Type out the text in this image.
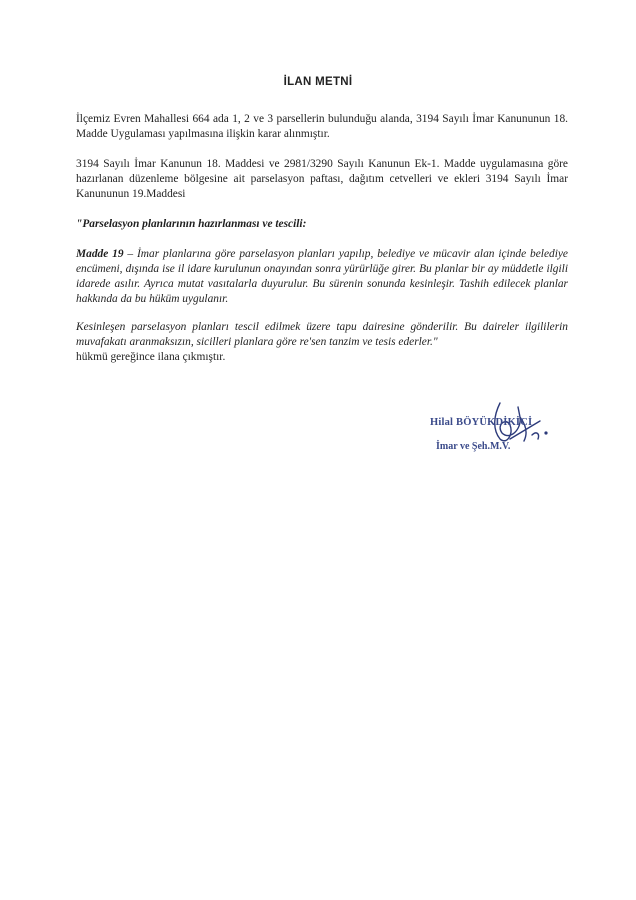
İLAN METNİ
İlçemiz Evren Mahallesi 664 ada 1, 2 ve 3 parsellerin bulunduğu alanda, 3194 Sayılı İmar Kanununun 18. Madde Uygulaması yapılmasına ilişkin karar alınmıştır.
3194 Sayılı İmar Kanunun 18. Maddesi ve 2981/3290 Sayılı Kanunun Ek-1. Madde uygulamasına göre hazırlanan düzenleme bölgesine ait parselasyon paftası, dağıtım cetvelleri ve ekleri 3194 Sayılı İmar Kanununun 19.Maddesi
"Parselasyon planlarının hazırlanması ve tescili:
Madde 19 – İmar planlarına göre parselasyon planları yapılıp, belediye ve mücavir alan içinde belediye encümeni, dışında ise il idare kurulunun onayından sonra yürürlüğe girer. Bu planlar bir ay müddetle ilgili idarede asılır. Ayrıca mutat vasıtalarla duyurulur. Bu sürenin sonunda kesinleşir. Tashih edilecek planlar hakkında da bu hüküm uygulanır.
Kesinleşen parselasyon planları tescil edilmek üzere tapu dairesine gönderilir. Bu daireler ilgililerin muvafakatı aranmaksızın, sicilleri planlara göre re'sen tanzim ve tesis ederler."
hükmü gereğince ilana çıkmıştır.
Hilal BÖYÜKDİKİCİ
İmar ve Şeh.M.V.
